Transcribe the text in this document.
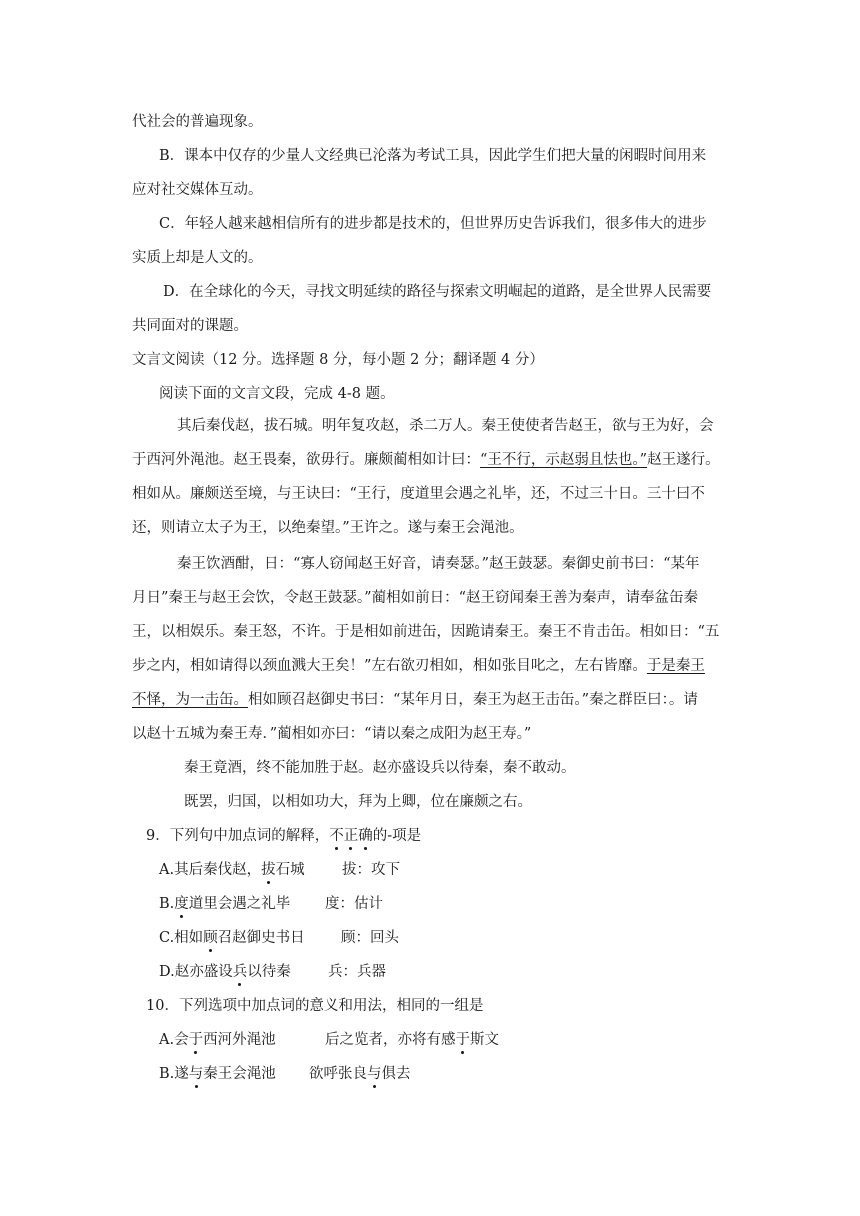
代社会的普遍现象。
B．课本中仅存的少量人文经典已沦落为考试工具，因此学生们把大量的闲暇时间用来
应对社交媒体互动。
C．年轻人越来越相信所有的进步都是技术的，但世界历史告诉我们，很多伟大的进步
实质上却是人文的。
D．在全球化的今天，寻找文明延续的路径与探索文明崛起的道路，是全世界人民需要
共同面对的课题。
文言文阅读（12 分。选择题 8 分，每小题 2 分；翻译题 4 分）
阅读下面的文言文段，完成 4-8 题。
其后秦伐赵，拔石城。明年复攻赵，杀二万人。秦王使使者告赵王，欲与王为好，会
于西河外渑池。赵王畏秦，欲毋行。廉颇蔺相如计曰：“王不行，示赵弱且怯也。”赵王遂行。
相如从。廉颇送至境，与王诀曰：“王行，度道里会遇之礼毕，还，不过三十日。三十曰不
还，则请立太子为王，以绝秦望。”王许之。遂与秦王会渑池。
秦王饮酒酣，日：“寡人窃闻赵王好音，请奏瑟。”赵王鼓瑟。秦御史前书曰：“某年
月日”秦王与赵王会饮，令赵王鼓瑟。”蔺相如前日：“赵王窃闻秦王善为秦声，请奉盆缶秦
王，以相娱乐。秦王怒，不许。于是相如前进缶，因跪请秦王。秦王不肯击缶。相如日：“五
步之内，相如请得以颈血溅大王矣！”左右欲刃相如，相如张目叱之，左右皆靡。于是秦王
不怿，为一击缶。相如顾召赵御史书曰：“某年月日，秦王为赵王击缶。”秦之群臣曰：。请
以赵十五城为秦王寿．”蔺相如亦曰：“请以秦之成阳为赵王寿。”
秦王竟酒，终不能加胜于赵。赵亦盛设兵以待秦，秦不敢动。
既罢，归国，以相如功大，拜为上卿，位在廉颇之右。
9．下列句中加点词的解释，不正确的-项是
A.其后秦伐赵，拔石城	拔：攻下
B.度道里会遇之礼毕 度：估计
C.相如顾召赵御史书日	顾：回头
D.赵亦盛设兵以待秦	兵：兵器
10．下列选项中加点词的意义和用法，相同的一组是
A.会于西河外渑池	后之览者，亦将有感于斯文
B.遂与秦王会渑池 欲呼张良与俱去
